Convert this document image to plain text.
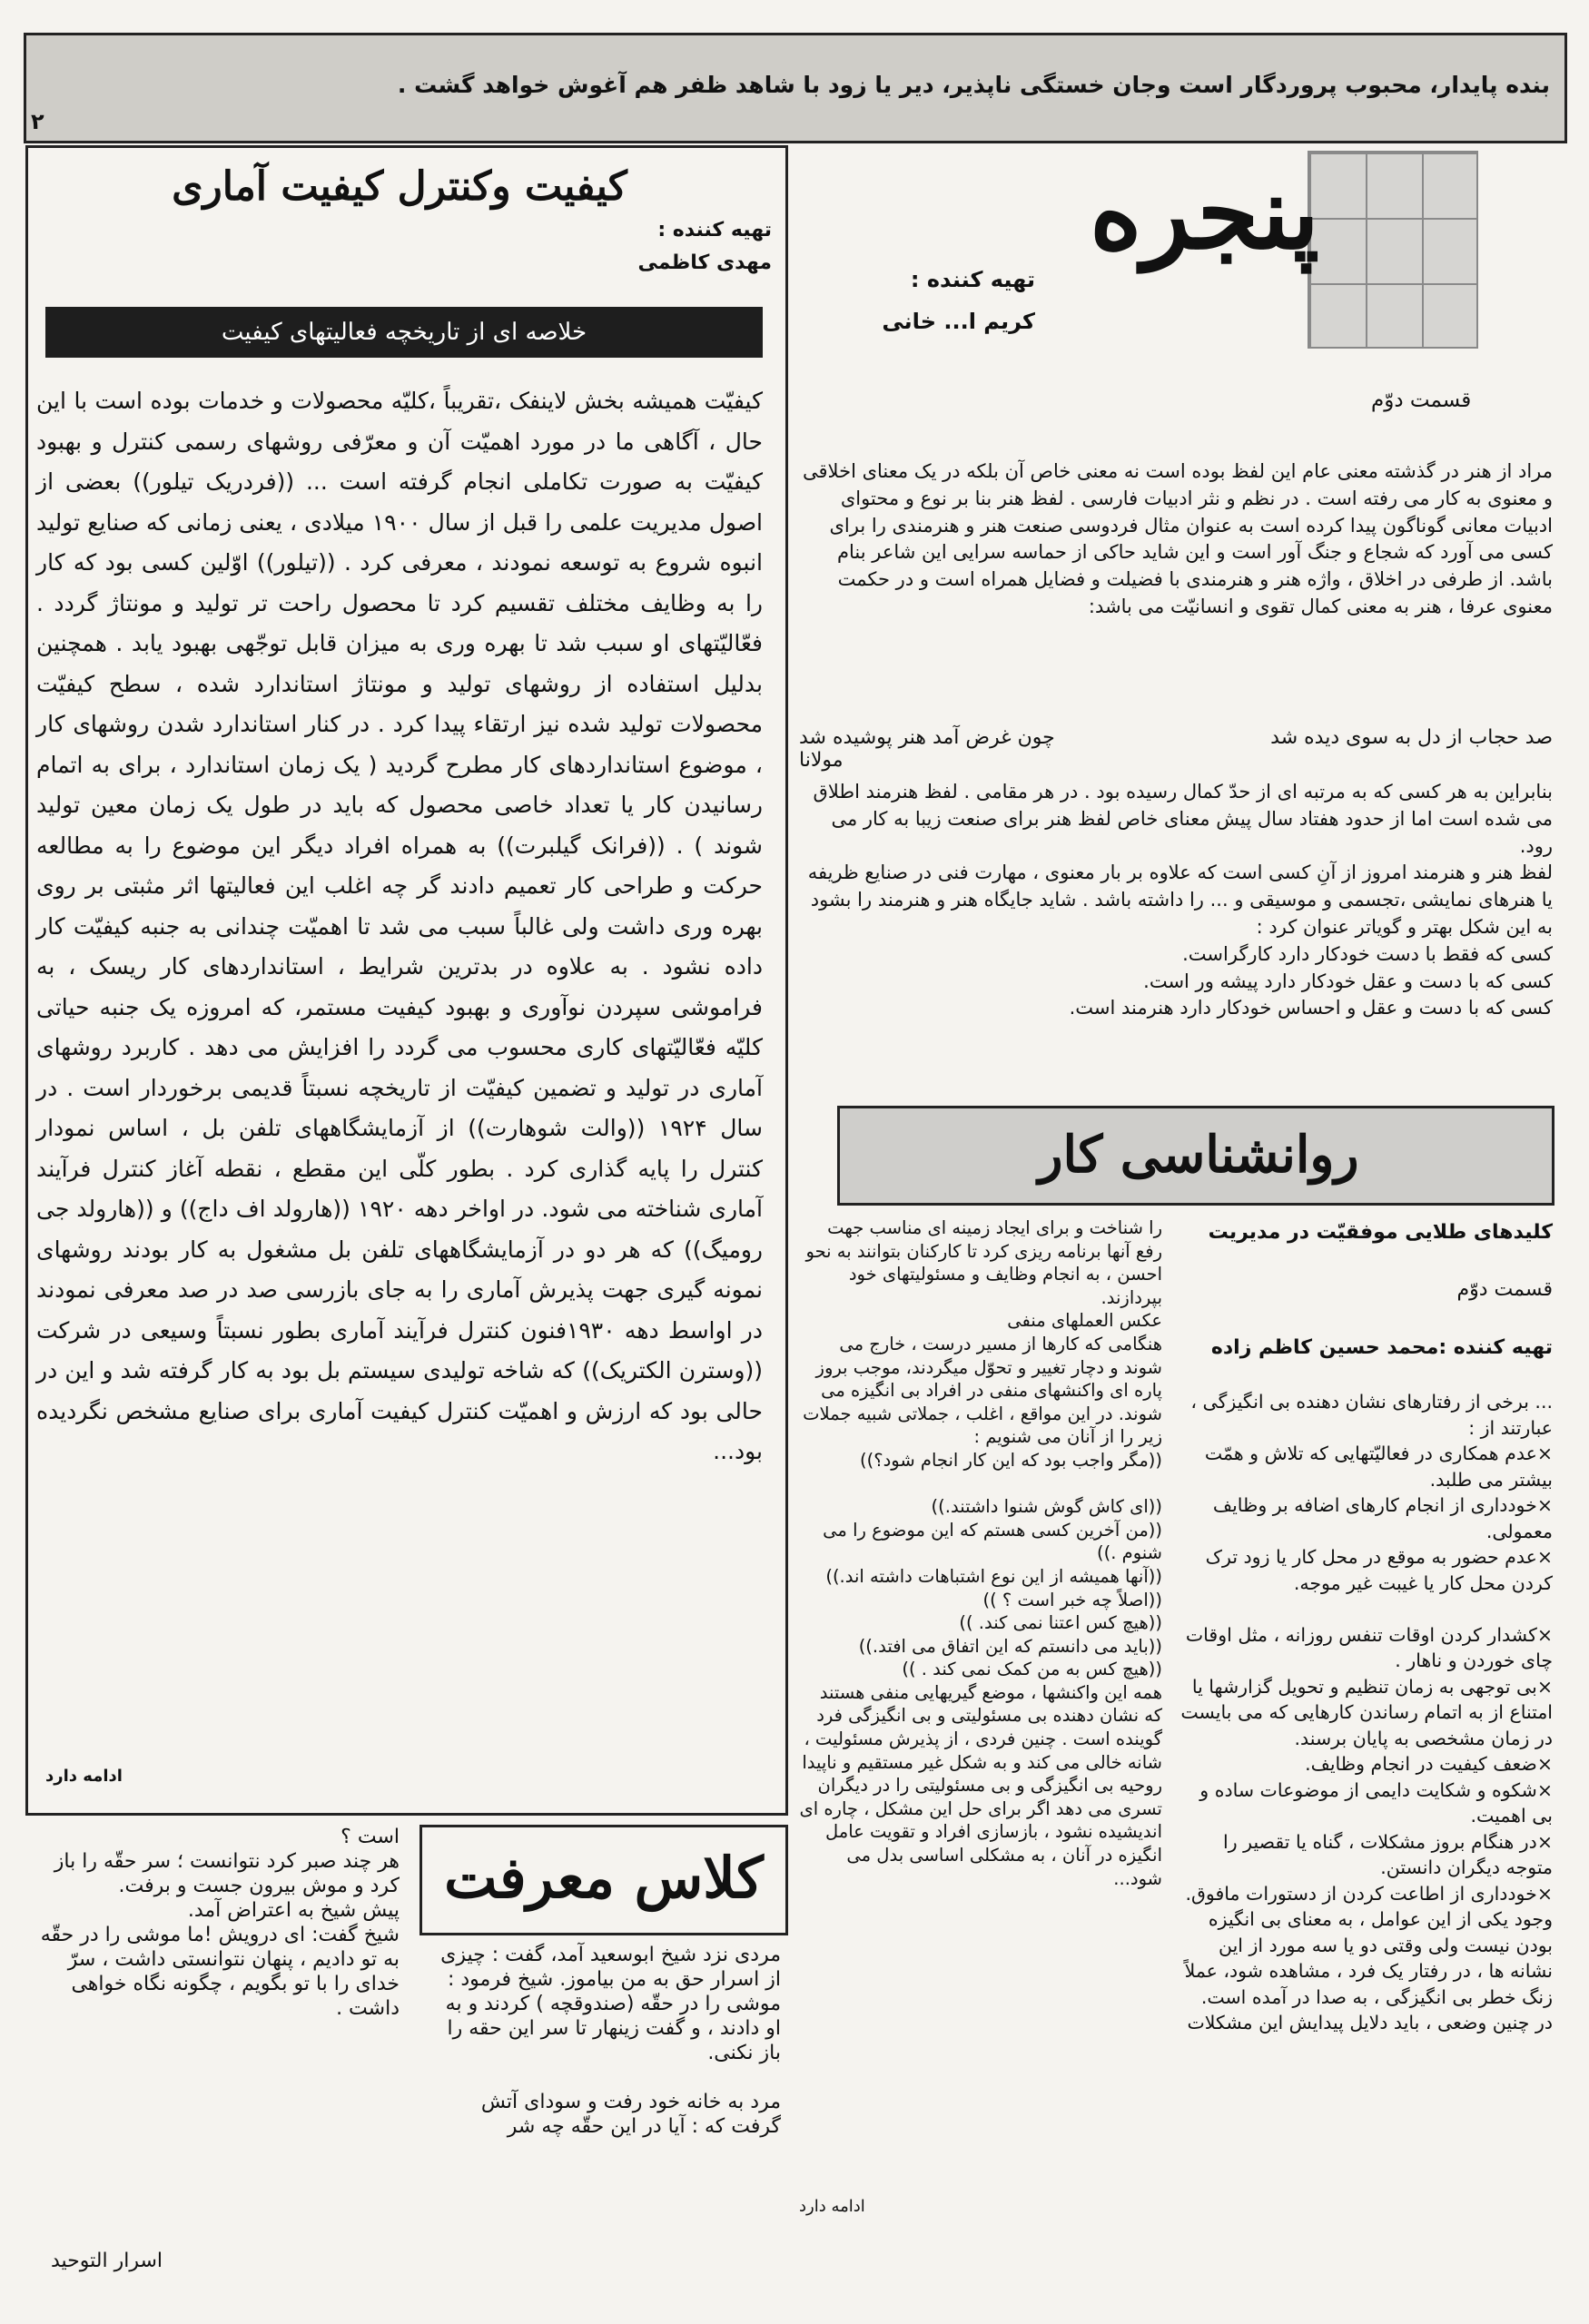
بنده پایدار، محبوب پروردگار است وجان خستگی ناپذیر، دیر یا زود با شاهد ظفر هم آغوش خواهد گشت .
۲
کیفیت وکنترل کیفیت آماری
تهیه کننده :
مهدی کاظمی
خلاصه ای از تاریخچه فعالیتهای کیفیت

کیفیّت همیشه بخش لاینفک ،تقریباً ،کلیّه محصولات و خدمات بوده است با این حال ، آگاهی ما در مورد اهمیّت آن و معرّفی روشهای رسمی کنترل و بهبود کیفیّت به صورت تکاملی انجام گرفته است ... ((فردریک تیلور)) بعضی از اصول مدیریت علمی را قبل از سال ۱۹۰۰ میلادی ، یعنی زمانی که صنایع تولید انبوه شروع به توسعه نمودند ، معرفی کرد . ((تیلور)) اوّلین کسی بود که کار را به وظایف مختلف تقسیم کرد تا محصول راحت تر تولید و مونتاژ گردد . فعّالیّتهای او سبب شد تا بهره وری به میزان قابل توجّهی بهبود یابد . همچنین بدلیل استفاده از روشهای تولید و مونتاژ استاندارد شده ، سطح کیفیّت محصولات تولید شده نیز ارتقاء پیدا کرد . در کنار استاندارد شدن روشهای کار ، موضوع استانداردهای کار مطرح گردید ( یک زمان استاندارد ، برای به اتمام رسانیدن کار یا تعداد خاصی محصول که باید در طول یک زمان معین تولید شوند ) . ((فرانک گیلبرت)) به همراه افراد دیگر این موضوع را به مطالعه حرکت و طراحی کار تعمیم دادند گر چه اغلب این فعالیتها اثر مثبتی بر روی بهره وری داشت ولی غالباً سبب می شد تا اهمیّت چندانی به جنبه کیفیّت کار داده نشود . به علاوه در بدترین شرایط ، استانداردهای کار ریسک ، به فراموشی سپردن نوآوری و بهبود کیفیت مستمر، که امروزه یک جنبه حیاتی کلیّه فعّالیّتهای کاری محسوب می گردد را افزایش می دهد . کاربرد روشهای آماری در تولید و تضمین کیفیّت از تاریخچه نسبتاً قدیمی برخوردار است . در سال ۱۹۲۴ ((والت شوهارت)) از آزمایشگاههای تلفن بل ، اساس نمودار کنترل را پایه گذاری کرد . بطور کلّی این مقطع ، نقطه آغاز کنترل فرآیند آماری شناخته می شود. در اواخر دهه ۱۹۲۰ ((هارولد اف داج)) و ((هارولد جی رومیگ)) که هر دو در آزمایشگاههای تلفن بل مشغول به کار بودند روشهای نمونه گیری جهت پذیرش آماری را به جای بازرسی صد در صد معرفی نمودند در اواسط دهه ۱۹۳۰فنون کنترل فرآیند آماری بطور نسبتاً وسیعی در شرکت ((وسترن الکتریک)) که شاخه تولیدی سیستم بل بود به کار گرفته شد و این در حالی بود که ارزش و اهمیّت کنترل کیفیت آماری برای صنایع مشخص نگردیده بود...

ادامه دارد
پنجره
تهیه کننده :
کریم ا... خانی
قسمت دوّم

مراد از هنر در گذشته معنی عام این لفظ بوده است نه معنی خاص آن بلکه در یک معنای اخلاقی و معنوی به کار می رفته است . در نظم و نثر ادبیات فارسی . لفظ هنر بنا بر نوع و محتوای ادبیات معانی گوناگون پیدا کرده است به عنوان مثال فردوسی صنعت هنر و هنرمندی را برای کسی می آورد که شجاع و جنگ آور است و این شاید حاکی از حماسه سرایی این شاعر بنام باشد. از طرفی در اخلاق ، واژه هنر و هنرمندی با فضیلت و فضایل همراه است و در حکمت معنوی عرفا ، هنر به معنی کمال تقوی و انسانیّت می باشد:

صد حجاب از دل به سوی دیده شد
چون غرض آمد هنر پوشیده شد
مولانا

بنابراین به هر کسی که به مرتبه ای از حدّ کمال رسیده بود . در هر مقامی . لفظ هنرمند اطلاق می شده است اما از حدود هفتاد سال پیش معنای خاص لفظ هنر برای صنعت زیبا به کار می رود.
لفظ هنر و هنرمند امروز از آنِ کسی است که علاوه بر بار معنوی ، مهارت فنی در صنایع ظریفه یا هنرهای نمایشی ،تجسمی و موسیقی و ... را داشته باشد . شاید جایگاه هنر و هنرمند را بشود به این شکل بهتر و گویاتر عنوان کرد :
کسی که فقط با دست خودکار دارد کارگراست.
کسی که با دست و عقل خودکار دارد پیشه ور است.
کسی که با دست و عقل و احساس خودکار دارد هنرمند است.

روانشناسی کار
کلیدهای طلایی موفقیّت در مدیریت
قسمت دوّم
تهیه کننده :محمد حسین کاظم زاده

... برخی از رفتارهای نشان دهنده بی انگیزگی ، عبارتند از :
×عدم همکاری در فعالیّتهایی که تلاش و همّت بیشتر می طلبد.
×خودداری از انجام کارهای اضافه بر وظایف معمولی.
×عدم حضور به موقع در محل کار یا زود ترک کردن محل کار یا غیبت غیر موجه.

×کشدار کردن اوقات تنفس روزانه ، مثل اوقات چای خوردن و ناهار .
×بی توجهی به زمان تنظیم و تحویل گزارشها یا امتناع از به اتمام رساندن کارهایی که می بایست در زمان مشخصی به پایان برسند.
×ضعف کیفیت در انجام وظایف.
×شکوه و شکایت دایمی از موضوعات ساده و بی اهمیت.
×در هنگام بروز مشکلات ، گناه یا تقصیر را متوجه دیگران دانستن.
×خودداری از اطاعت کردن از دستورات مافوق.
وجود یکی از این عوامل ، به معنای بی انگیزه بودن نیست ولی وقتی دو یا سه مورد از این نشانه ها ، در رفتار یک فرد ، مشاهده شود، عملاً زنگ خطر بی انگیزگی ، به صدا در آمده است. در چنین وضعی ، باید دلایل پیدایش این مشکلات

را شناخت و برای ایجاد زمینه ای مناسب جهت رفع آنها برنامه ریزی کرد تا کارکنان بتوانند به نحو احسن ، به انجام وظایف و مسئولیتهای خود بپردازند.
عکس العملهای منفی
هنگامی که کارها از مسیر درست ، خارج می شوند و دچار تغییر و تحوّل میگردند، موجب بروز پاره ای واکنشهای منفی در افراد بی انگیزه می شوند. در این مواقع ، اغلب ، جملاتی شبیه جملات زیر را از آنان می شنویم :
((مگر واجب بود که این کار انجام شود؟))

((ای کاش گوش شنوا داشتند.))
((من آخرین کسی هستم که این موضوع را می شنوم .))
((آنها همیشه از این نوع اشتباهات داشته اند.))
((اصلاً چه خبر است ؟ ))
((هیچ کس اعتنا نمی کند. ))
((باید می دانستم که این اتفاق می افتد.))
((هیچ کس به من کمک نمی کند . ))
همه این واکنشها ، موضع گیریهایی منفی هستند که نشان دهنده بی مسئولیتی و بی انگیزگی فرد گوینده است . چنین فردی ، از پذیرش مسئولیت ، شانه خالی می کند و به شکل غیر مستقیم و ناپیدا روحیه بی انگیزگی و بی مسئولیتی را در دیگران تسری می دهد اگر برای حل این مشکل ، چاره ای اندیشیده نشود ، بازسازی افراد و تقویت عامل انگیزه در آنان ، به مشکلی اساسی بدل می شود...

ادامه دارد
کلاس معرفت

مردی نزد شیخ ابوسعید آمد، گفت : چیزی از اسرار حق به من بیاموز. شیخ فرمود : موشی را در حقّه (صندوقچه ) کردند و به او دادند ، و گفت زینهار تا سر این حقه را باز نکنی.

مرد به خانه خود رفت و سودای آتش گرفت که : آیا در این حقّه چه شر

است ؟
هر چند صبر کرد نتوانست ؛ سر حقّه را باز کرد و موش بیرون جست و برفت.
پیش شیخ به اعتراض آمد.
شیخ گفت: ای درویش !ما موشی را در حقّه به تو دادیم ، پنهان نتوانستی داشت ، سرّ خدای را با تو بگویم ، چگونه نگاه خواهی داشت .

اسرار التوحید
